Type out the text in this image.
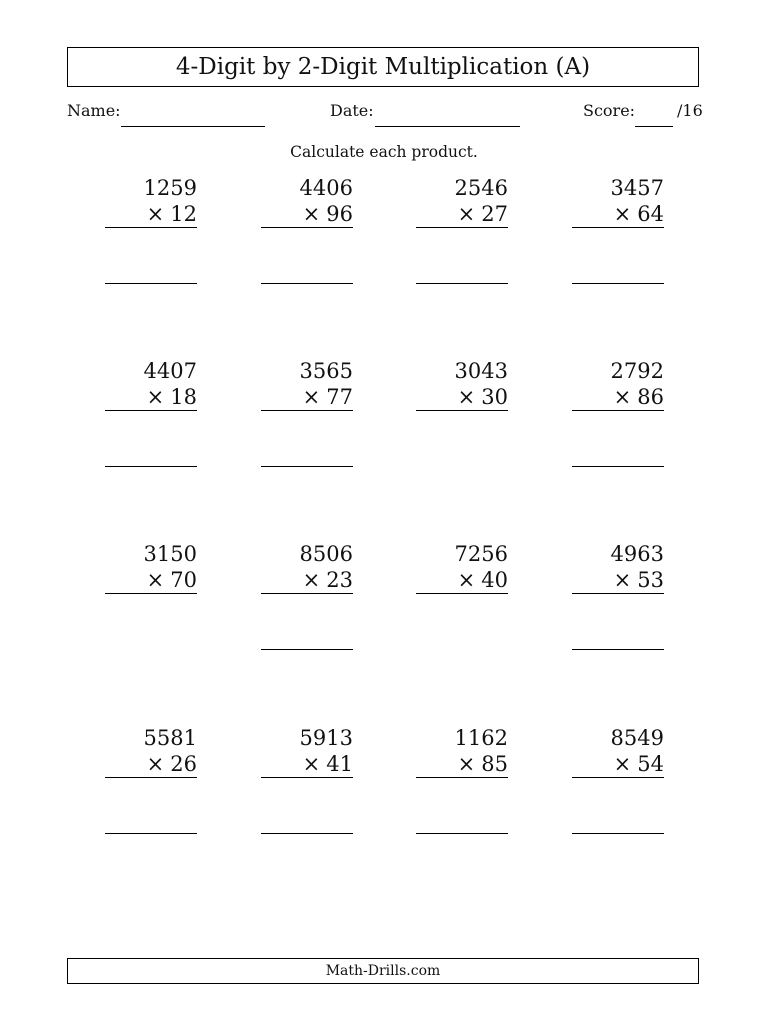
4-Digit by 2-Digit Multiplication (A)
Name:	Date:	Score:	/16
Calculate each product.
1259
× 12
4406
× 96
2546
× 27
3457
× 64
4407
× 18
3565
× 77
3043
× 30
2792
× 86
3150
× 70
8506
× 23
7256
× 40
4963
× 53
5581
× 26
5913
× 41
1162
× 85
8549
× 54
Math-Drills.com
